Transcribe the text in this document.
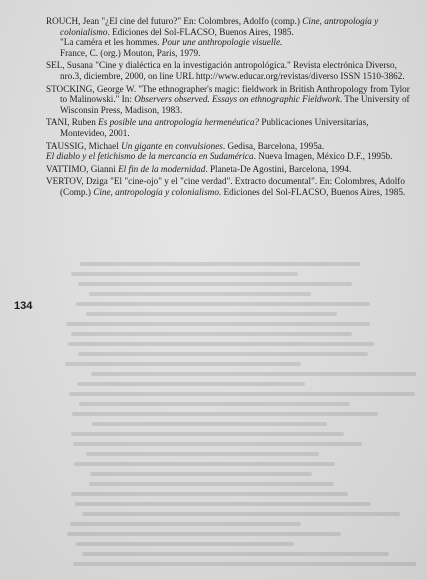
ROUCH, Jean "¿El cine del futuro?" En: Colombres, Adolfo (comp.) Cine, antropología y colonialismo. Ediciones del Sol-FLACSO, Buenos Aires, 1985.
"La caméra et les hommes. Pour une anthropologie visuelle.
France, C. (org.) Mouton, París, 1979.
SEL, Susana "Cine y dialéctica en la investigación antropológica." Revista electrónica Diverso, nro.3, diciembre, 2000, on line URL http://www.educar.org/revistas/diverso ISSN 1510-3862.
STOCKING, George W. "The ethnographer's magic: fieldwork in British Anthropology from Tylor to Malinowski." In: Observers observed. Essays on ethnographic Fieldwork. The University of Wisconsin Press, Madison, 1983.
TANI, Ruben Es posible una antropología hermenéutica? Publicaciones Universitarias, Montevideo, 2001.
TAUSSIG, Michael Un gigante en convulsiones. Gedisa, Barcelona, 1995a.
El diablo y el fetichismo de la mercancía en Sudamérica. Nueva Imagen, México D.F., 1995b.
VATTIMO, Gianni El fin de la modernidad. Planeta-De Agostini, Barcelona, 1994.
VERTOV, Dziga "El "cine-ojo" y el "cine verdad". Extracto documental". En: Colombres, Adolfo (Comp.) Cine, antropología y colonialismo. Ediciones del Sol-FLACSO, Buenos Aires, 1985.
134
